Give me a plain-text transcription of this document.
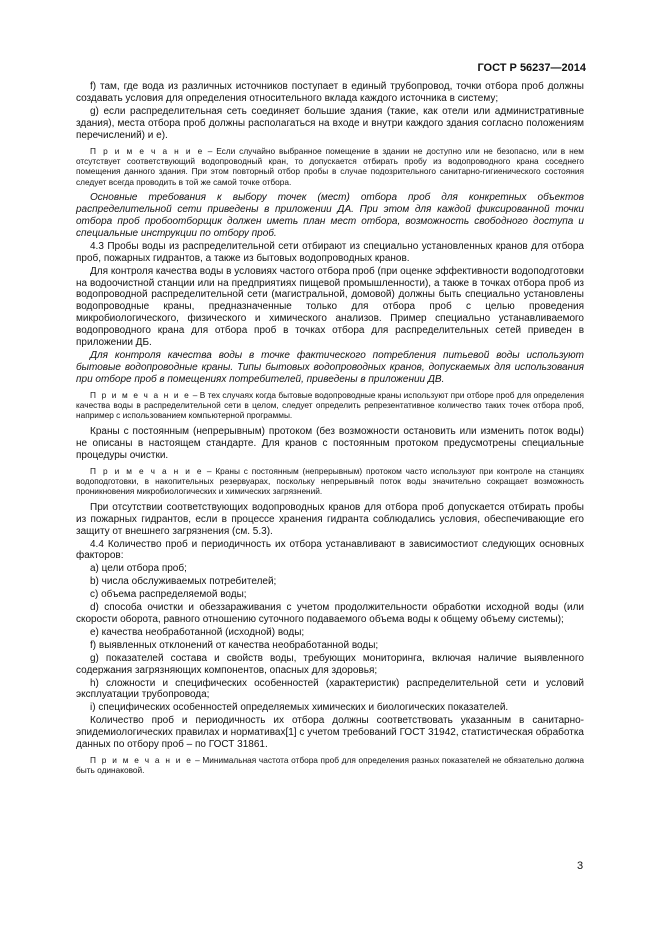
ГОСТ Р 56237—2014

f) там, где вода из различных источников поступает в единый трубопровод, точки отбора проб должны создавать условия для определения относительного вклада каждого источника в систему;

g) если распределительная сеть соединяет большие здания (такие, как отели или административные здания), места отбора проб должны располагаться на входе и внутри каждого здания согласно положениям перечислений) и е).

П р и м е ч а н и е – Если случайно выбранное помещение в здании не доступно или не безопасно, или в нем отсутствует соответствующий водопроводный кран, то допускается отбирать пробу из водопроводного крана соседнего помещения данного здания. При этом повторный отбор пробы в случае подозрительного санитарно-гигиенического состояния следует всегда проводить в той же самой точке отбора.

Основные требования к выбору точек (мест) отбора проб для конкретных объектов распределительной сети приведены в приложении ДА. При этом для каждой фиксированной точки отбора проб пробоотборщик должен иметь план мест отбора, возможность свободного доступа и специальные инструкции по отбору проб.

4.3 Пробы воды из распределительной сети отбирают из специально установленных кранов для отбора проб, пожарных гидрантов, а также из бытовых водопроводных кранов.

Для контроля качества воды в условиях частого отбора проб (при оценке эффективности водоподготовки на водоочистной станции или на предприятиях пищевой промышленности), а также в точках отбора проб из водопроводной распределительной сети (магистральной, домовой) должны быть специально установлены водопроводные краны, предназначенные только для отбора проб с целью проведения микробиологического, физического и химического анализов. Пример специально устанавливаемого водопроводного крана для отбора проб в точках отбора для распределительных сетей приведен в приложении ДБ.

Для контроля качества воды в точке фактического потребления питьевой воды используют бытовые водопроводные краны. Типы бытовых водопроводных кранов, допускаемых для использования при отборе проб в помещениях потребителей, приведены в приложении ДВ.

П р и м е ч а н и е – В тех случаях когда бытовые водопроводные краны используют при отборе проб для определения качества воды в распределительной сети в целом, следует определить репрезентативное количество таких точек отбора проб, например с использованием компьютерной программы.

Краны с постоянным (непрерывным) протоком (без возможности остановить или изменить поток воды) не описаны в настоящем стандарте. Для кранов с постоянным протоком предусмотрены специальные процедуры очистки.

П р и м е ч а н и е – Краны с постоянным (непрерывным) протоком часто используют при контроле на станциях водоподготовки, в накопительных резервуарах, поскольку непрерывный поток воды значительно сокращает возможность проникновения микробиологических и химических загрязнений.

При отсутствии соответствующих водопроводных кранов для отбора проб допускается отбирать пробы из пожарных гидрантов, если в процессе хранения гидранта соблюдались условия, обеспечивающие его защиту от внешнего загрязнения (см. 5.3).

4.4 Количество проб и периодичность их отбора устанавливают в зависимостиот следующих основных факторов:

a) цели отбора проб;

b) числа обслуживаемых потребителей;

c) объема распределяемой воды;

d) способа очистки и обеззараживания с учетом продолжительности обработки исходной воды (или скорости оборота, равного отношению суточного подаваемого объема воды к общему объему системы);

e) качества необработанной (исходной) воды;

f) выявленных отклонений от качества необработанной воды;

g) показателей состава и свойств воды, требующих мониторинга, включая наличие выявленного содержания загрязняющих компонентов, опасных для здоровья;

h) сложности и специфических особенностей (характеристик) распределительной сети и условий эксплуатации трубопровода;

i) специфических особенностей определяемых химических и биологических показателей.

Количество проб и периодичность их отбора должны соответствовать указанным в санитарно-эпидемиологических правилах и нормативах[1] с учетом требований ГОСТ 31942, статистическая обработка данных по отбору проб – по ГОСТ 31861.

П р и м е ч а н и е – Минимальная частота отбора проб для определения разных показателей не обязательно должна быть одинаковой.

3
